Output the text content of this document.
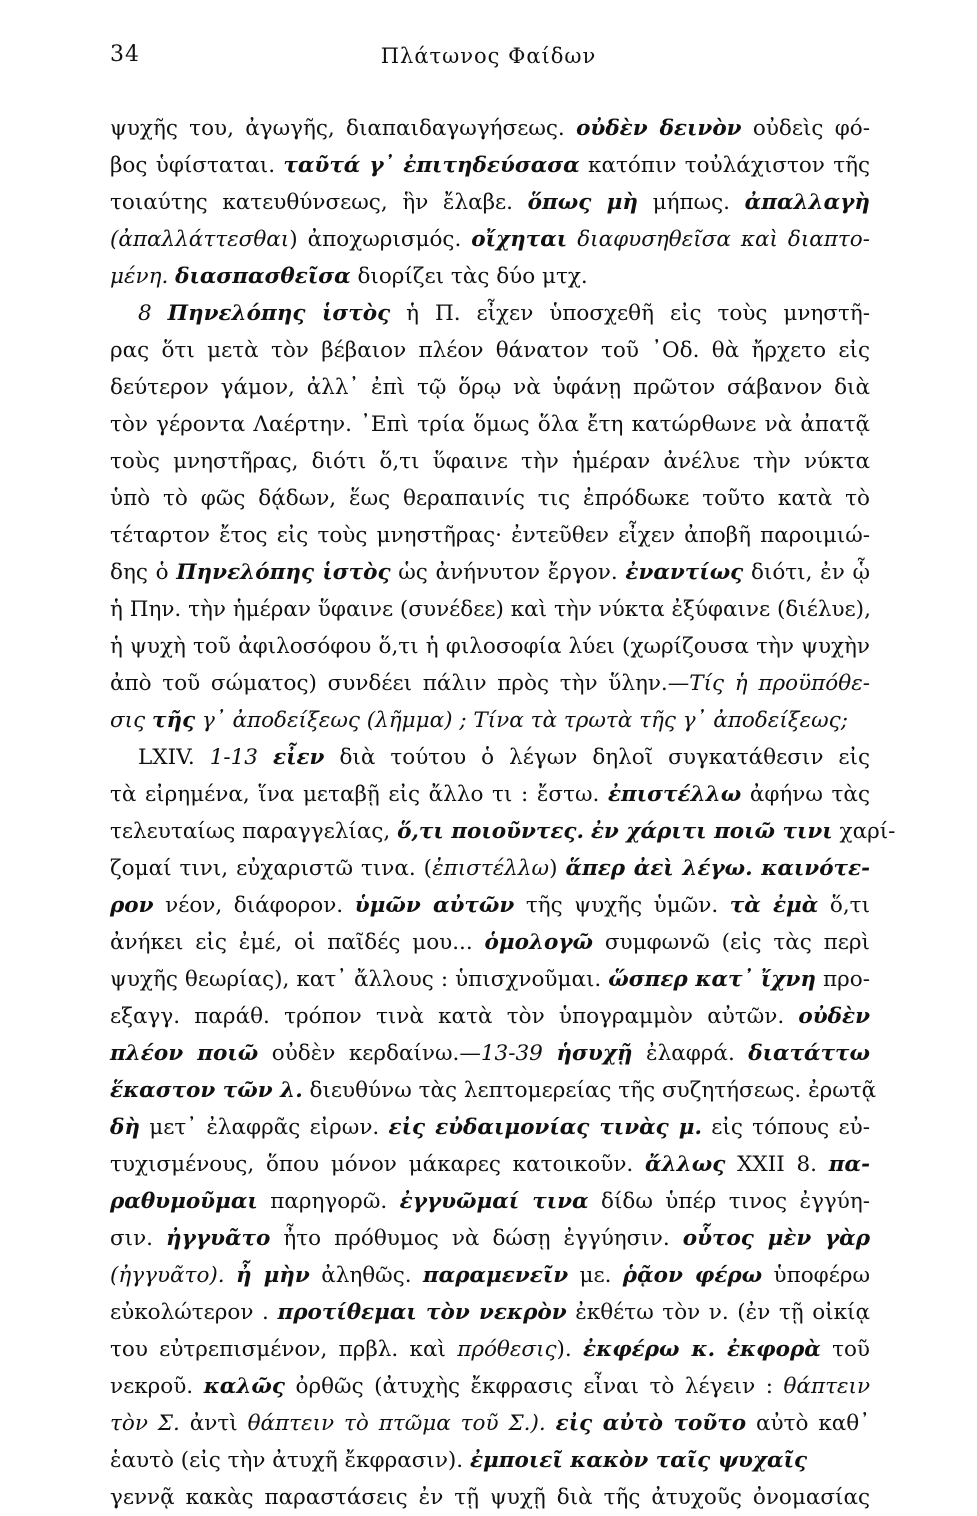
34	Πλάτωνος Φαίδων
ψυχῆς του, ἀγωγῆς, διαπαιδαγωγήσεως. οὐδὲν δεινὸν οὐδεὶς φό-
βος ὑφίσταται. ταῦτά γ᾿ ἐπιτηδεύσασα κατόπιν τοὐλάχιστον τῆς
τοιαύτης κατευθύνσεως, ἣν ἔλαβε. ὅπως μὴ μήπως. ἀπαλλαγὴ
(ἀπαλλάττεσθαι) ἀποχωρισμός. οἴχηται διαφυσηθεῖσα καὶ διαπτο-
μένη. διασπασθεῖσα διορίζει τὰς δύο μτχ.
8 Πηνελόπης ἱστὸς ἡ Π. εἶχεν ὑποσχεθῆ εἰς τοὺς μνηστῆ-
ρας ὅτι μετὰ τὸν βέβαιον πλέον θάνατον τοῦ ᾿Οδ. θὰ ἤρχετο εἰς
δεύτερον γάμον, ἀλλ᾿ ἐπὶ τῷ ὅρῳ νὰ ὑφάνῃ πρῶτον σάβανον διὰ
τὸν γέροντα Λαέρτην. ᾿Επὶ τρία ὅμως ὅλα ἔτη κατώρθωνε νὰ ἀπατᾷ
τοὺς μνηστῆρας, διότι ὅ,τι ὕφαινε τὴν ἡμέραν ἀνέλυε τὴν νύκτα
ὑπὸ τὸ φῶς δᾴδων, ἕως θεραπαινίς τις ἐπρόδωκε τοῦτο κατὰ τὸ
τέταρτον ἔτος εἰς τοὺς μνηστῆρας· ἐντεῦθεν εἶχεν ἀποβῆ παροιμιώ-
δης ὁ Πηνελόπης ἱστὸς ὡς ἀνήνυτον ἔργον. ἐναντίως διότι, ἐν ᾧ
ἡ Πην. τὴν ἡμέραν ὕφαινε (συνέδεε) καὶ τὴν νύκτα ἐξύφαινε (διέλυε),
ἡ ψυχὴ τοῦ ἀφιλοσόφου ὅ,τι ἡ φιλοσοφία λύει (χωρίζουσα τὴν ψυχὴν
ἀπὸ τοῦ σώματος) συνδέει πάλιν πρὸς τὴν ὕλην.—Τίς ἡ προϋπόθε-
σις τῆς γ᾿ ἀποδείξεως (λῆμμα) ; Τίνα τὰ τρωτὰ τῆς γ᾿ ἀποδείξεως;
LXIV. 1-13 εἶεν διὰ τούτου ὁ λέγων δηλοῖ συγκατάθεσιν εἰς
τὰ εἰρημένα, ἵνα μεταβῇ εἰς ἄλλο τι : ἔστω. ἐπιστέλλω ἀφήνω τὰς
τελευταίως παραγγελίας, ὅ,τι ποιοῦντες. ἐν χάριτι ποιῶ τινι χαρί-
ζομαί τινι, εὐχαριστῶ τινα. (ἐπιστέλλω) ἅπερ ἀεὶ λέγω. καινότε-
ρον νέον, διάφορον. ὑμῶν αὐτῶν τῆς ψυχῆς ὑμῶν. τὰ ἐμὰ ὅ,τι
ἀνήκει εἰς ἐμέ, οἱ παῖδές μου... ὁμολογῶ συμφωνῶ (εἰς τὰς περὶ
ψυχῆς θεωρίας), κατ᾿ ἄλλους : ὑπισχνοῦμαι. ὥσπερ κατ᾿ ἴχνη προ-
εξαγγ. παράθ. τρόπον τινὰ κατὰ τὸν ὑπογραμμὸν αὐτῶν. οὐδὲν
πλέον ποιῶ οὐδὲν κερδαίνω.—13-39 ἡσυχῇ ἐλαφρά. διατάττω
ἕκαστον τῶν λ. διευθύνω τὰς λεπτομερείας τῆς συζητήσεως. ἐρωτᾷ
δὴ μετ᾿ ἐλαφρᾶς εἰρων. εἰς εὐδαιμονίας τινὰς μ. εἰς τόπους εὐ-
τυχισμένους, ὅπου μόνον μάκαρες κατοικοῦν. ἄλλως XXII 8. πα-
ραθυμοῦμαι παρηγορῶ. ἐγγυῶμαί τινα δίδω ὑπέρ τινος ἐγγύη-
σιν. ἠγγυᾶτο ἦτο πρόθυμος νὰ δώσῃ ἐγγύησιν. οὗτος μὲν γὰρ
(ἠγγυᾶτο). ἦ μὴν ἀληθῶς. παραμενεῖν με. ῥᾷον φέρω ὑποφέρω
εὐκολώτερον . προτίθεμαι τὸν νεκρὸν ἐκθέτω τὸν ν. (ἐν τῇ οἰκίᾳ
του εὐτρεπισμένον, πρβλ. καὶ πρόθεσις). ἐκφέρω κ. ἐκφορὰ τοῦ
νεκροῦ. καλῶς ὀρθῶς (ἀτυχὴς ἔκφρασις εἶναι τὸ λέγειν : θάπτειν
τὸν Σ. ἀντὶ θάπτειν τὸ πτῶμα τοῦ Σ.). εἰς αὐτὸ τοῦτο αὐτὸ καθ᾿
ἑαυτὸ (εἰς τὴν ἀτυχῆ ἔκφρασιν). ἐμποιεῖ κακὸν ταῖς ψυχαῖς
γεννᾷ κακὰς παραστάσεις ἐν τῇ ψυχῇ διὰ τῆς ἀτυχοῦς ὀνομασίας
